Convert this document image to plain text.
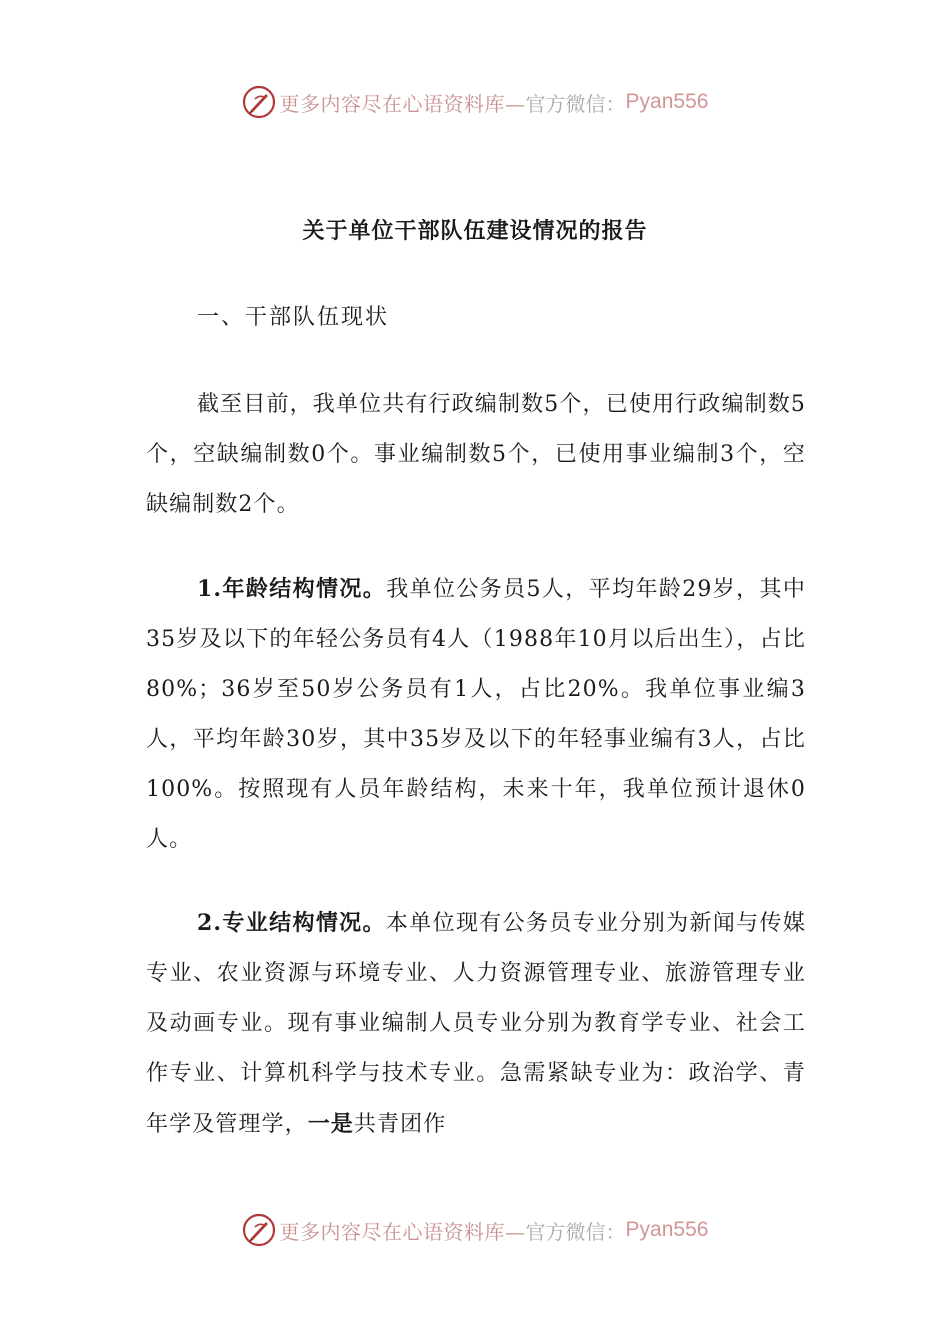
更多内容尽在心语资料库— 官方微信： Pyan556
关于单位干部队伍建设情况的报告
一、干部队伍现状
截至目前，我单位共有行政编制数5个，已使用行政编制数5个，空缺编制数0个。事业编制数5个，已使用事业编制3个，空缺编制数2个。
1.年龄结构情况。我单位公务员5人，平均年龄29岁，其中35岁及以下的年轻公务员有4人（1988年10月以后出生），占比80%；36岁至50岁公务员有1人，占比20%。我单位事业编3人，平均年龄30岁，其中35岁及以下的年轻事业编有3人，占比100%。按照现有人员年龄结构，未来十年，我单位预计退休0人。
2.专业结构情况。本单位现有公务员专业分别为新闻与传媒专业、农业资源与环境专业、人力资源管理专业、旅游管理专业及动画专业。现有事业编制人员专业分别为教育学专业、社会工作专业、计算机科学与技术专业。急需紧缺专业为：政治学、青年学及管理学，一是共青团作
更多内容尽在心语资料库— 官方微信： Pyan556
